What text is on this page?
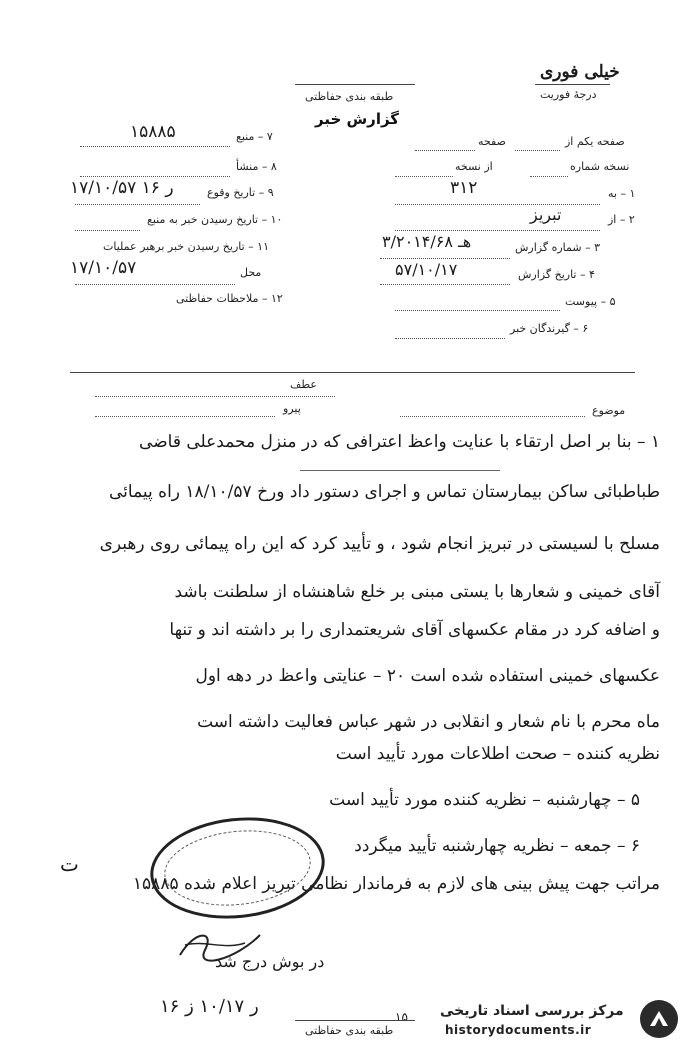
خیلی فوری
درجهٔ فوریت
طبقه بندی حفاظتی
گزارش خبر
۷ – منبع
۱۵۸۸۵
۸ – منشأ
۹ – تاریخ وقوع
۱۷/۱۰/۵۷ ر ۱۶
۱۰ – تاریخ رسیدن خبر به منبع
۱۱ – تاریخ رسیدن خبر برهبر عملیات
محل
۱۷/۱۰/۵۷
۱۲ – ملاحظات حفاظتی
صفحه یکم از
صفحه
نسخه شماره
از نسخه
۱ – به
۳۱۲
۲ – از
تبریز
۳ – شماره گزارش
۳/۲۰۱۴/۶۸ هـ
۴ – تاریخ گزارش
۵۷/۱۰/۱۷
۵ – پیوست
۶ – گیرندگان خبر
عطف
پیرو	موضوع
۱ – بنا بر اصل ارتقاء با عنایت واعظ اعترافی که در منزل محمدعلی قاضی
طباطبائی ساکن بیمارستان تماس و اجرای دستور داد ورخ ۱۸/۱۰/۵۷ راه پیمائی
مسلح با لسیستی در تبریز انجام شود ، و تأیید کرد که این راه پیمائی روی رهبری
آقای خمینی و شعارها با یستی مبنی بر خلع شاهنشاه از سلطنت باشد
و اضافه کرد در مقام عکسهای آقای شریعتمداری را بر داشته اند و تنها
عکسهای خمینی استفاده شده است ۲۰ – عنایتی واعظ در دهه اول
ماه محرم با نام شعار و انقلابی در شهر عباس فعالیت داشته است
نظریه کننده – صحت اطلاعات مورد تأیید است
۵ – چهارشنبه – نظریه کننده مورد تأیید است
۶ – جمعه – نظریه چهارشنبه تأیید میگردد
مراتب جهت پیش بینی های لازم به فرماندار نظامی تبریز اعلام شده ۱۵۸۸۵
ت
در بوش درج شد
ر ۱۰/۱۷ ز ۱۶	۱۵
طبقه بندی حفاظتی
مرکز بررسی اسناد تاریخی
historydocuments.ir
